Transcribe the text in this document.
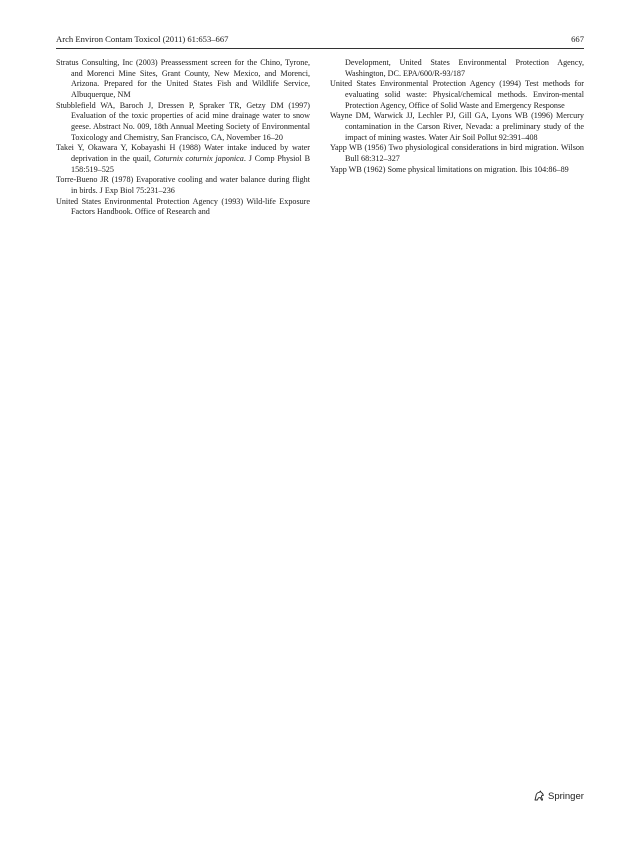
Arch Environ Contam Toxicol (2011) 61:653–667	667

Stratus Consulting, Inc (2003) Preassessment screen for the Chino, Tyrone, and Morenci Mine Sites, Grant County, New Mexico, and Morenci, Arizona. Prepared for the United States Fish and Wildlife Service, Albuquerque, NM

Stubblefield WA, Baroch J, Dressen P, Spraker TR, Getzy DM (1997) Evaluation of the toxic properties of acid mine drainage water to snow geese. Abstract No. 009, 18th Annual Meeting Society of Environmental Toxicology and Chemistry, San Francisco, CA, November 16–20

Takei Y, Okawara Y, Kobayashi H (1988) Water intake induced by water deprivation in the quail, Coturnix coturnix japonica. J Comp Physiol B 158:519–525

Torre-Bueno JR (1978) Evaporative cooling and water balance during flight in birds. J Exp Biol 75:231–236

United States Environmental Protection Agency (1993) Wild-life Exposure Factors Handbook. Office of Research and

Development, United States Environmental Protection Agency, Washington, DC. EPA/600/R-93/187

United States Environmental Protection Agency (1994) Test methods for evaluating solid waste: Physical/chemical methods. Environ-mental Protection Agency, Office of Solid Waste and Emergency Response

Wayne DM, Warwick JJ, Lechler PJ, Gill GA, Lyons WB (1996) Mercury contamination in the Carson River, Nevada: a preliminary study of the impact of mining wastes. Water Air Soil Pollut 92:391–408

Yapp WB (1956) Two physiological considerations in bird migration. Wilson Bull 68:312–327

Yapp WB (1962) Some physical limitations on migration. Ibis 104:86–89

Springer
